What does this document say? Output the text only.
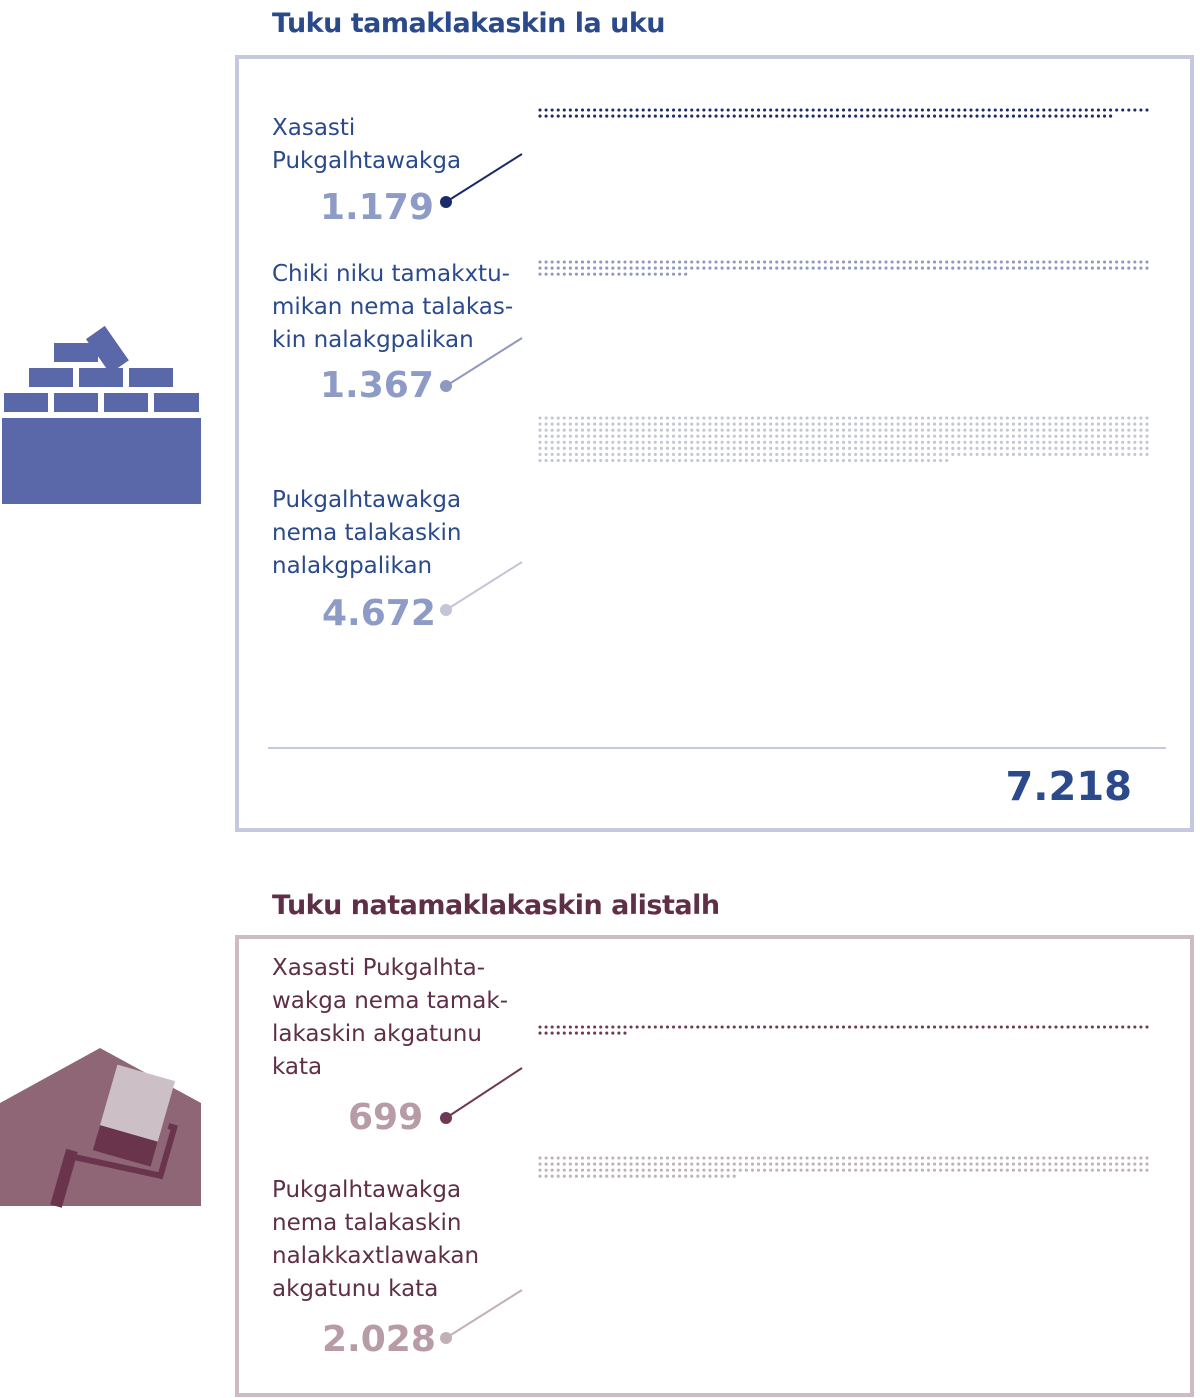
Tuku tamaklakaskin la uku
Tuku natamaklakaskin alistalh

Xasasti
Pukgalhtawakga

1.179

Chiki niku tamakxtu-
mikan nema talakas-
kin nalakgpalikan

1.367

Pukgalhtawakga
nema talakaskin
nalakgpalikan

4.672

7.218

Xasasti Pukgalhta-
wakga nema tamak-
lakaskin akgatunu
kata

699

Pukgalhtawakga
nema talakaskin
nalakkaxtlawakan
akgatunu kata

2.028
